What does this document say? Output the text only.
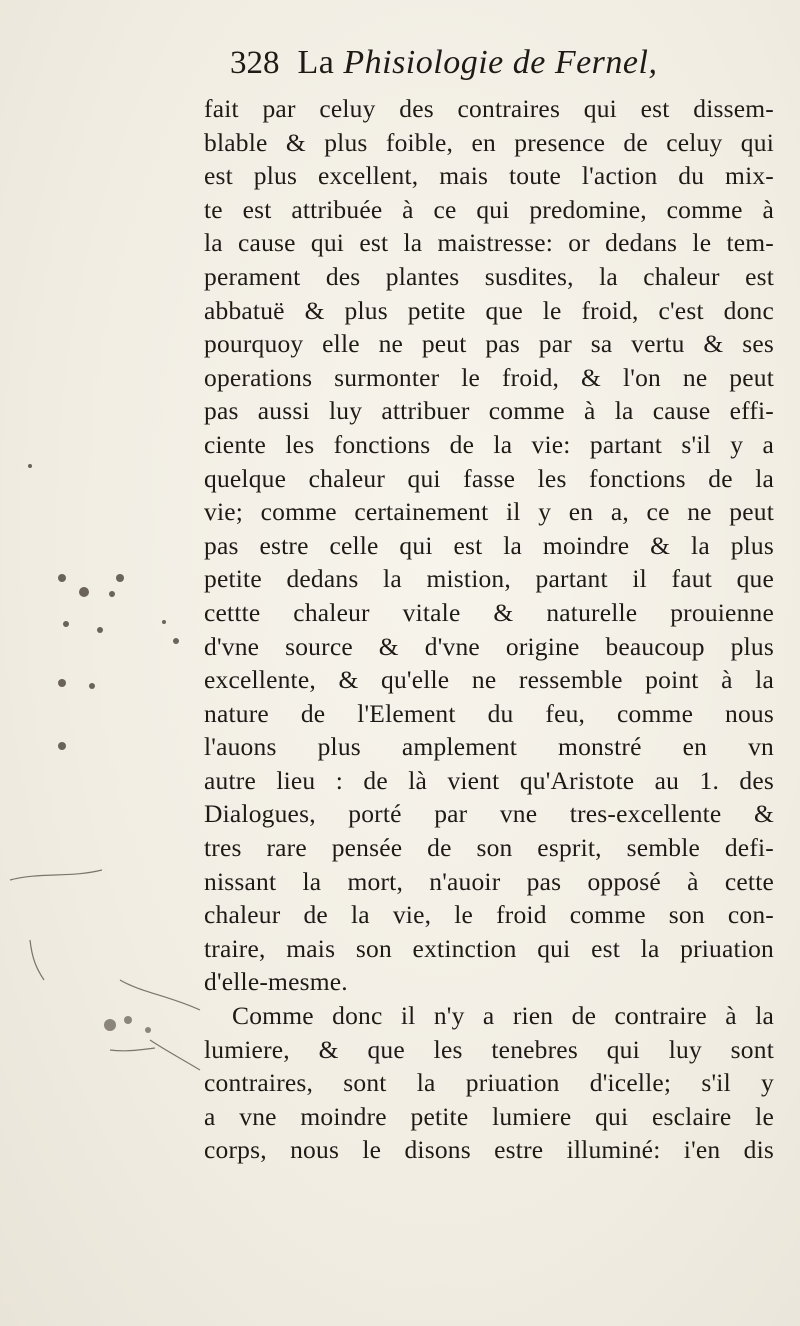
328 La Phisiologie de Fernel,
fait par celuy des contraires qui est dissem-
blable & plus foible, en presence de celuy qui
est plus excellent, mais toute l'action du mix-
te est attribuée à ce qui predomine, comme à
la cause qui est la maistresse: or dedans le tem-
perament des plantes susdites, la chaleur est
abbatuë & plus petite que le froid, c'est donc
pourquoy elle ne peut pas par sa vertu & ses
operations surmonter le froid, & l'on ne peut
pas aussi luy attribuer comme à la cause effi-
ciente les fonctions de la vie: partant s'il y a
quelque chaleur qui fasse les fonctions de la
vie; comme certainement il y en a, ce ne peut
pas estre celle qui est la moindre & la plus
petite dedans la mistion, partant il faut que
cettte chaleur vitale & naturelle prouienne
d'vne source & d'vne origine beaucoup plus
excellente, & qu'elle ne ressemble point à la
nature de l'Element du feu, comme nous
l'auons plus amplement monstré en vn
autre lieu : de là vient qu'Aristote au 1. des
Dialogues, porté par vne tres-excellente &
tres rare pensée de son esprit, semble defi-
nissant la mort, n'auoir pas opposé à cette
chaleur de la vie, le froid comme son con-
traire, mais son extinction qui est la priuation
d'elle-mesme.
Comme donc il n'y a rien de contraire à la
lumiere, & que les tenebres qui luy sont
contraires, sont la priuation d'icelle; s'il y
a vne moindre petite lumiere qui esclaire le
corps, nous le disons estre illuminé: i'en dis
